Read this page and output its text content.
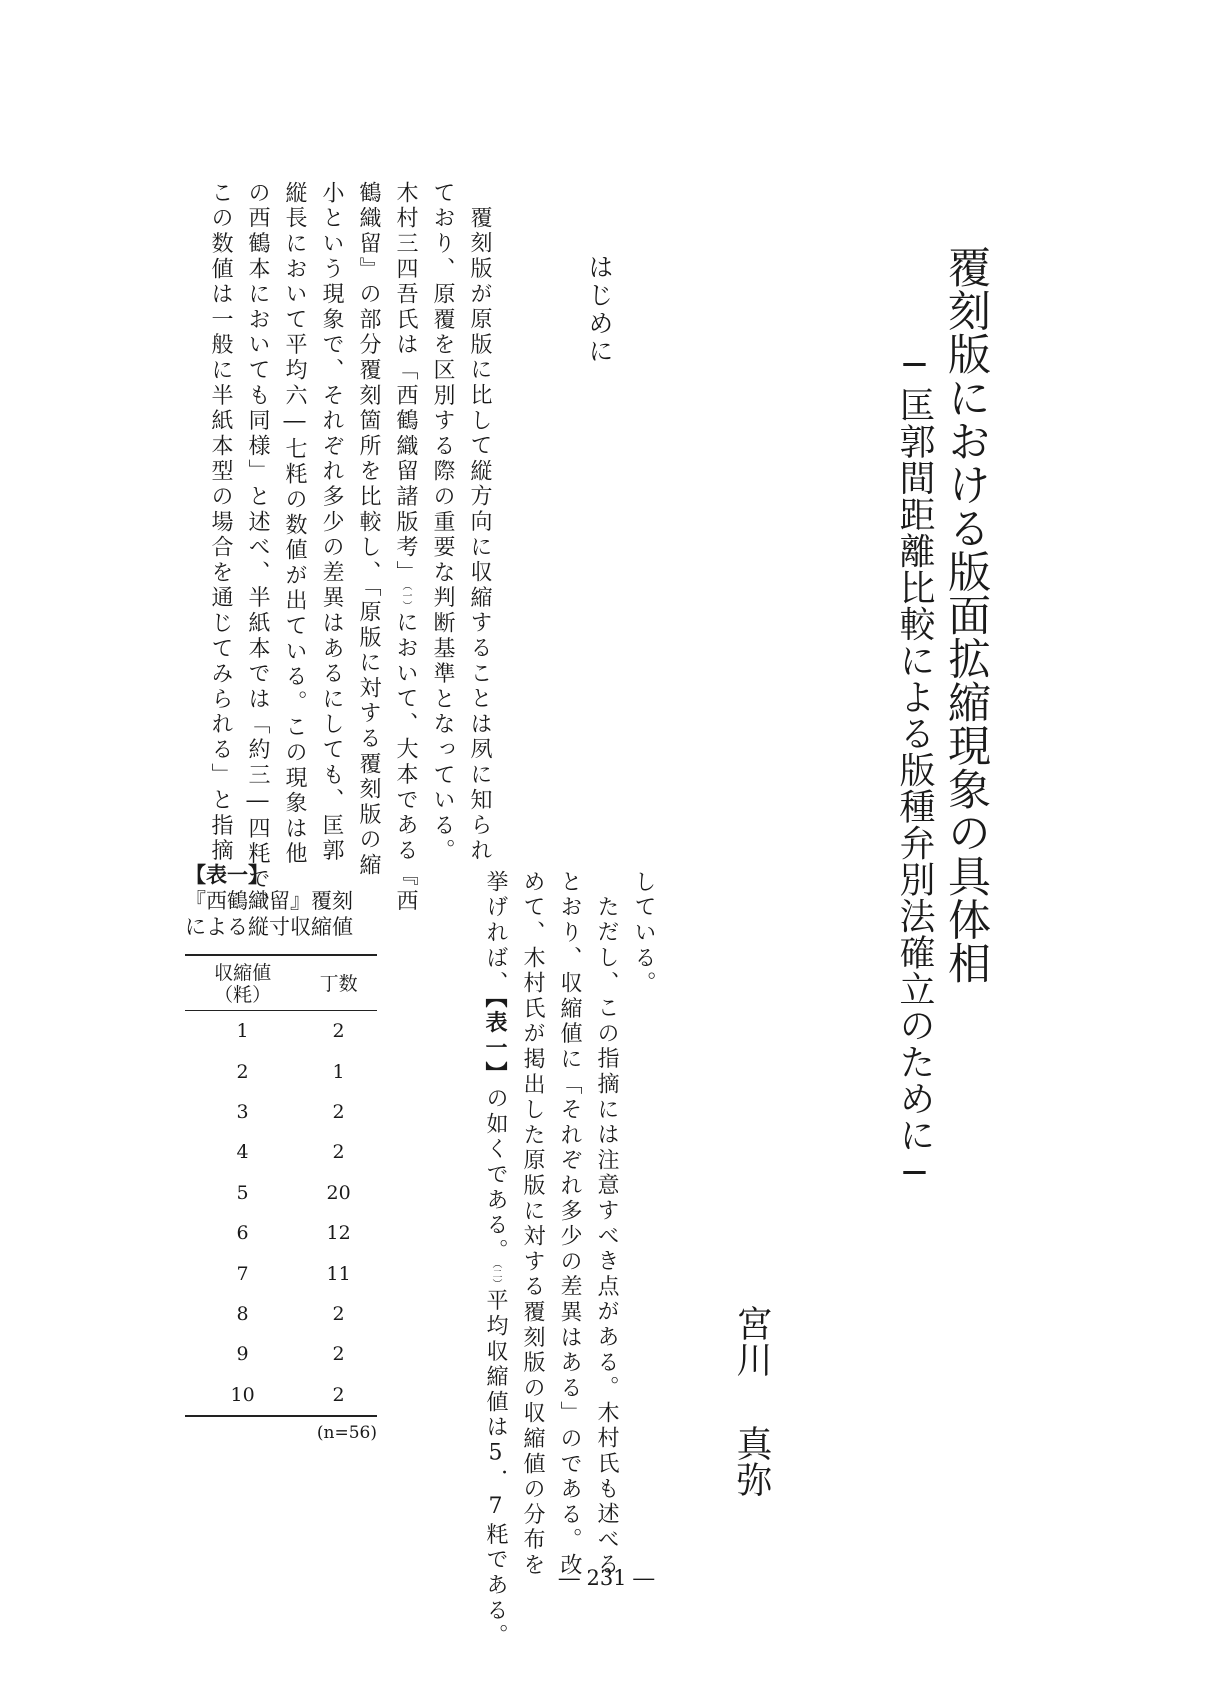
覆刻版における版面拡縮現象の具体相
─匡郭間距離比較による版種弁別法確立のために─
宮川
真弥
はじめに
覆刻版が原版に比して縦方向に収縮することは夙に知られ
ており、原覆を区別する際の重要な判断基準となっている。
木村三四吾氏は「西鶴織留諸版考」（一）において、大本である『西
鶴織留』の部分覆刻箇所を比較し、「原版に対する覆刻版の縮
小という現象で、それぞれ多少の差異はあるにしても、匡郭
縦長において平均六―七粍の数値が出ている。この現象は他
の西鶴本においても同様」と述べ、半紙本では「約三―四粍で、
この数値は一般に半紙本型の場合を通じてみられる」と指摘
している。
ただし、この指摘には注意すべき点がある。木村氏も述べる
とおり、収縮値に「それぞれ多少の差異はある」のである。改
めて、木村氏が掲出した原版に対する覆刻版の収縮値の分布を
挙げれば、【表一】の如くである。（二）平均収縮値は5．7粍である。
【表一】
『西鶴織留』覆刻
による縦寸収縮値
収縮値
（粍）	丁数
1	2
2	1
3	2
4	2
5	20
6	12
7	11
8	2
9	2
10	2
(n=56)
― 231 ―
